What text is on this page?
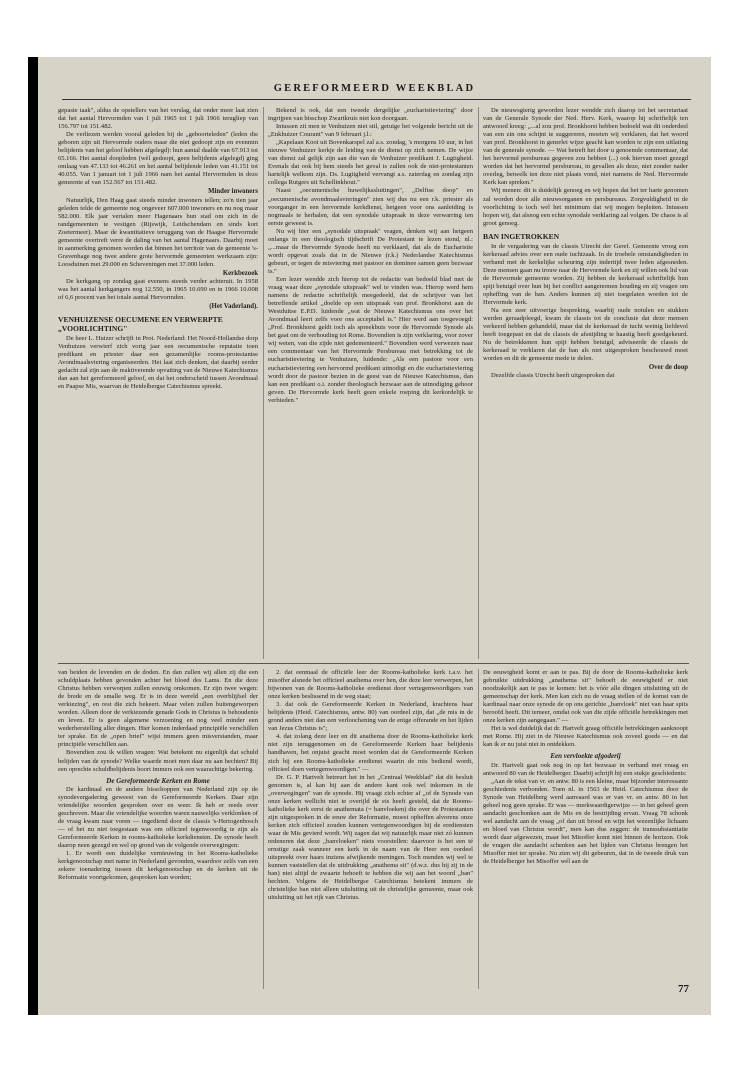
GEREFORMEERD WEEKBLAD

gepaste taak", aldus de opstellers van het verslag, dat onder meer laat zien dat het aantal Hervormden van 1 juli 1965 tot 1 juli 1966 terugliep van 156.797 tot 151.482.

De verliezen werden vooral geleden bij de „geboorteleden" (leden die geboren zijn uit Hervormde ouders maar die niet gedoopt zijn en evenmin belijdenis van het geloof hebben afgelegd): hun aantal daalde van 67.913 tot 65.166. Het aantal doopleden (wèl gedoopt, geen belijdenis afgelegd) ging omlaag van 47.133 tot 46.261 en het aantal belijdende leden van 41.151 tot 40.055. Van 1 januari tot 1 juli 1966 nam het aantal Hervormden in deze gemeente af van 152.567 tot 151.482.

Minder inwoners

Natuurlijk, Den Haag gaat steeds minder inwoners tellen; zo'n tien jaar geleden telde de gemeente nog ongeveer 607.000 inwoners en nu nog maar 582.000. Elk jaar vertalen meer Hagenaars hun stad om zich in de randgemeenten te vestigen (Rijswijk, Leidschendam en sinds kort Zoetermeer). Maar de kwantitatieve teruggang van de Haagse Hervormde gemeente overtreft verre de daling van het aantal Hagenaars. Daarbij moet in aanmerking genomen worden dat binnen het territoir van de gemeente 's-Gravenhage nog twee andere grote hervormde gemeenten werkzaam zijn: Loosduinen met 29.000 en Scheveningen met 37.000 leden.

Kerkbezoek

De kerkgang op zondag gaat evenens steeds verder achteruit. In 1958 was het aantal kerkgangers nog 12.550, in 1965 10.690 en in 1966 10.008 of 6,6 procent van het totale aantal Hervormden.

(Het Vaderland).
VENHUIZENSE OECUMENE EN VERWERPTE „VOORLICHTING"

De heer L. Huizer schrijft in Prot. Nederland: Het Noord-Hollandse dorp Venhuizen verwierf zich vorig jaar een oecumenische reputatie toen predikant en priester daar een gezamenlijke rooms-protestantse Avondmaalsviering organiseerden. Het laat zich denken, dat daarbij eerder gedacht zal zijn aan de reaktiverende opvatting van de Nieuwe Katechismus dan aan het gereformeerd geloof, en dat het onderscheid tussen Avondmaal en Paapse Mis, waarvan de Heidelbergse Catechismus spreekt.

Bekend is ook, dat een tweede dergelijke „eucharistieviering" door ingrijpen van bisschop Zwartkruis niet kon doorgaan.

Intussen zit men te Venhuizen niet stil, getuige het volgende bericht uit de „Enkhuizer Courant" van 9 februari j.l.:

„Kapelaan Koot uit Bovenkarspel zal a.s. zondag, 's morgens 10 uur, in het nieuwe Venhuizer kerkje de leiding van de dienst op zich nemen. De wijze van dienst zal gelijk zijn aan die van de Venhuizer predikant J. Lugtigheid. Evenals dat ook bij hem steeds het geval is zullen ook de niet-protestanten hartelijk welkom zijn. Ds. Lugtigheid vervangt a.s. zaterdag en zondag zijn collega Rutgers uit Schellinkhout."

Naast „oecumenische huwelijkssluitingen", „Delftse doop" en „oecumenische avondmaalsvieringen" zien wij dus nu een r.k. priester als voorganger in een hervormde kerkdienst, hetgeen voor ons aanleiding is nogmaals te herhalen, dat een synodale uitspraak in deze verwarring ten eerste geweest is.

Nu wij hier een „synodale uitspraak" vragen, denken wij aan hetgeen onlangs in een theologisch tijdschrift De Protestant te lezen stond, nl.: „...maar de Hervormde Synode heeft nu verklaard, dat als de Eucharistie wordt opgevat zoals dat in de Nieuwe (r.k.) Nederlandse Katechismus gebeurt, er tegen de misviering met pastoor en dominee samen geen bezwaar is."

Een lezer wendde zich hierop tot de redactie van bedoeld blad met de vraag waar deze „synodale uitspraak" wel te vinden was. Hierop werd hem namens de redactie schriftelijk meegedeeld, dat de schrijver van het betreffende artikel „doelde op een uitspraak van prof. Bronkhorst aan de Westduitse E.P.D. luidende „wat de Nieuwe Katechismus ons over het Avondmaal leert zelfs voor ons acceptabel is." Hier werd aan toegevoegd: „Prof. Bronkhorst geldt toch als spreekbuis voor de Hervormde Synode als het gaat om de verhouding tot Rome. Bovendien is zijn verklaring, voor zover wij weten, van die zijde niet gedementeerd." Bovendien werd verwezen naar een commentaar van het Hervormde Persbureau met betrekking tot de eucharistieviering te Venhuizen, luidende: „Als een pastoor voor een eucharistieviering een hervormd predikant uitnodigt en die eucharistieviering wordt door de pastoor bezien in de geest van de Nieuwe Katechismus, dan kan een predikant o.i. zonder theologisch bezwaar aan de uitnodiging gehoor geven. De Hervormde kerk heeft geen enkele roeping dit kerkordelijk te verbieden."

De nieuwsgierig geworden lezer wendde zich daarop tot het secretariaat van de Generale Synode der Ned. Herv. Kerk, waarop hij schriftelijk ten antwoord kreeg: „...al zou prof. Bronkhorst hebben bedoeld wat dit onderdeel van een zin ons schijnt te suggereren, moeten wij verklaren, dat het woord van prof. Bronkhorst in generlei wijze geacht kan worden te zijn een uitlating van de generale synode. — Wat betreft het door u genoemde commentaar, dat het hervormd persbureau gegeven zou hebben (...) ook hiervan moet gezegd worden dat het hervormd persbureau, in gevallen als deze, niet zonder nader overleg, betwelk ten deze niet plaats vond, niet namens de Ned. Hervormde Kerk kan spreken."

Wij menen: dit is duidelijk genoeg en wij hopen dat het ter harte genomen zal worden door alle nieuwsorganen en persbureaus. Zorgvuldigheid in de voorlichting is toch wel het minimum dat wij mogen bepleiten. Intussen hopen wij, dat alsnog een echte synodale verklaring zal volgen. De chaos is al groot genoeg.

BAN INGETROKKEN

In de vergadering van de classis Utrecht der Geref. Gemeente vroeg een kerkeraad advies over een oude tuchtzaak. In de troebele omstandigheden in verband met de kerkelijke scheuring zijn indertijd twee leden afgesneden. Deze mensen gaan nu trouw naar de Hervormde kerk en zij willen ook lid van de Hervormde gemeente worden. Zij hebben de kerkeraad schriftelijk hun spijt betuigd over hun bij het conflict aangenomen houding en zij vragen om opheffing van de ban. Anders kunnen zij niet toegelaten worden tot de Hervormde kerk.

Na een zeer uitvoerige bespreking, waarbij oude notulen en stukken werden geraadpleegd, kwam de classis tot de conclusie dat deze mensen verkeerd hebben gehandeld, maar dat de kerkeraad de tucht weinig liefdevol heeft toegepast en dat de classis de afsnijding te haastig heeft goedgekeurd. Nu de betrokkenen hun spijt hebben betuigd, adviseerde de classis de kerkeraad te verklaren dat de ban als niet uitgesproken beschouwd moet worden en dit de gemeente mede te delen.

Over de doop

Dezelfde classis Utrecht heeft uitgesproken dat

van beiden de levenden en de doden. En dan zullen wij allen zij die een schuldplaats hebben gevonden achter het bloed des Lams. En die deze Christus hebben verworpen zullen eeuwig omkomen. Er zijn twee wegen: de brede en de smalle weg. Er is in deze wereld „een overblijfsel der verkiezing", en rest die zich bekeert. Maar velen zullen buitengeworpen worden. Alleen door de verkiezende genade Gods in Christus is behoudenis en leven. Er is geen algemene verzoening en nog veel minder een wederherstelling aller dingen. Hier komen inderdaad principiële verschillen ter sprake. En de „open brief" wijst immers geen misverstanden, maar principiële verschillen aan.

Bovendien zou ik willen vragen: Wat betekent nu eigenlijk dat schuld belijden van de synode? Welke waarde moet men daar nu aan hechten? Bij een oprechte schuldbelijdenis hoort immers ook een waarachtige bekering.

De Gereformeerde Kerken en Rome

De kardinaal en de andere bisschoppen van Nederland zijn op de synodevergadering geweest van de Gereformeerde Kerken. Daar zijn vriendelijke woorden gesproken over en weer. Ik heb er reeds over geschreven. Maar die vriendelijke woorden waren nauwelijks verklonken of de vraag kwam naar voren — ingediend door de classis 's-Hertogenbosch — of het nu niet toegestaan was om officieel tegenwoordig te zijn als Gereformeerde Kerken in rooms-katholieke kerkdiensten. De synode heeft daarop neen gezegd en wel op grond van de volgende overwegingen:

1. Er wordt een duidelijke vernieuwing in het Rooms-katholieke kerkgenootschap met name in Nederland gevonden, waardoor zelfs van een zekere toenadering tussen dit kerkgenootschap en de kerken uit de Reformatie voortgekomen, gesproken kan worden;

2. dat eenmaal de officiële leer der Rooms-katholieke kerk t.a.v. het misoffer alsnede het officieel anathema over hen, die deze leer verwerpen, het bijwonen van de Rooms-katholieke eredienst door vertegenwoordigers van onze kerken beslissend in de weg staat;

3. dat ook de Gereformeerde Kerken in Nederland, krachtens haar belijdenis (Heid. Catechismus, antw. 80) van oordeel zijn, dat „de mis in de grond anders niet dan een verloochening van de enige offerande en het lijden van Jezus Christus is";

4. dat zolang deze leer en dit anathema door de Rooms-katholieke kerk niet zijn teruggenomen en de Gereformeerde Kerken haar belijdenis handhaven, het onjuist geacht moet worden dat de Gereformeerde Kerken zich bij een Rooms-katholieke eredienst waarin de mis bediend wordt, officieel doen vertegenwoordigen." —

Dr. G. P. Hartvelt betreurt het in het „Centraal Weekblad" dat dit besluit genomen is, al kan hij aan de andere kant ook wel inkomen in de „overwegingen" van de synode. Hij vraagt zich echter af „of de Synode van onze kerken wellicht niet te overijld de eis heeft gesteld, dat de Rooms-katholieke kerk eerst de anathemata (= banvloeken) die over de Protestanten zijn uitgesproken in de eeuw der Reformatie, moest opheffen alvorens onze kerken zich officieel zouden kunnen vertegenwoordigen bij de erediensten waar de Mis gevierd wordt. Wij zagen dat wij natuurlijk maar niet zó kunnen redeneren dat deze „banvloeken" niets voorstellen: daarvoor is het een té ernstige zaak wanneer een kerk in de naam van de Heer een oordeel uitspreekt over haars inziens afwijkende meningen. Toch menden wij wel te kunnen vaststellen dat de uitdrukking „anathema sit" (d.w.z. dus hij zij in de ban) niet altijd de zwaarte behoeft te hebben die wij aan het woord „ban" hechten. Volgens de Heidelbergse Catechismus betekent immers de christelijke ban niet alleen uitsluiting uit de christelijke gemeente, maar ook uitsluiting uit het rijk van Christus.

De eeuwigheid komt er aan te pas. Bij de door de Rooms-katholieke kerk gebruikte uitdrukking „anathema sit" behoeft de eeuwigheid er niet noodzakelijk aan te pas te komen: het is vóór alle dingen uitsluiting uit de gemeenschap der kerk. Men kan zich nu de vraag stellen of de komst van de kardinaal naar onze synode de op ons gerichte „banvloek" niet van haar spits beroofd heeft. Dit temeer, omdat ook van die zijde officiële betrekkingen met onze kerken zijn aangegaan." —

Het is wel duidelijk dat dr. Hartvelt graag officiële betrekkingen aanknoopt met Rome. Hij ziet in de Nieuwe Katechismus ook zoveel goeds — en dat kan ik er nu juist niet in ontdekken.

Een vervloekte afgoderij

Dr. Hartvelt gaat ook nog in op het bezwaar in verband met vraag en antwoord 80 van de Heidelberger. Daarbij schrijft hij een stukje geschiedenis:

„Aan de tekst van vr. en antw. 80 is een kleine, maar bijzonder interessante geschiedenis verbonden. Toen nl. in 1563 de Heid. Catechismus door de Synode van Heidelberg werd aanvaard was er van vr. en antw. 80 in het geheel nog geen sprake. Er was — merkwaardigerwijze — in het geheel geen aandacht geschonken aan de Mis en de bestrijding ervan. Vraag 78 schonk wel aandacht aan de vraag „of dan uit brood en wijn het wezenlijke lichaam en bloed van Christus wordt", men kan dus zeggen: de transsubstantiatie wordt daar afgewezen, maar het Misoffer komt niet binnen de horizon. Ook de vragen die aandacht schenken aan het lijden van Christus brengen het Misoffer niet ter sprake. Nu zien wij dit gebeuren, dat in de tweede druk van de Heidelberger het Misoffer wél aan de

77
